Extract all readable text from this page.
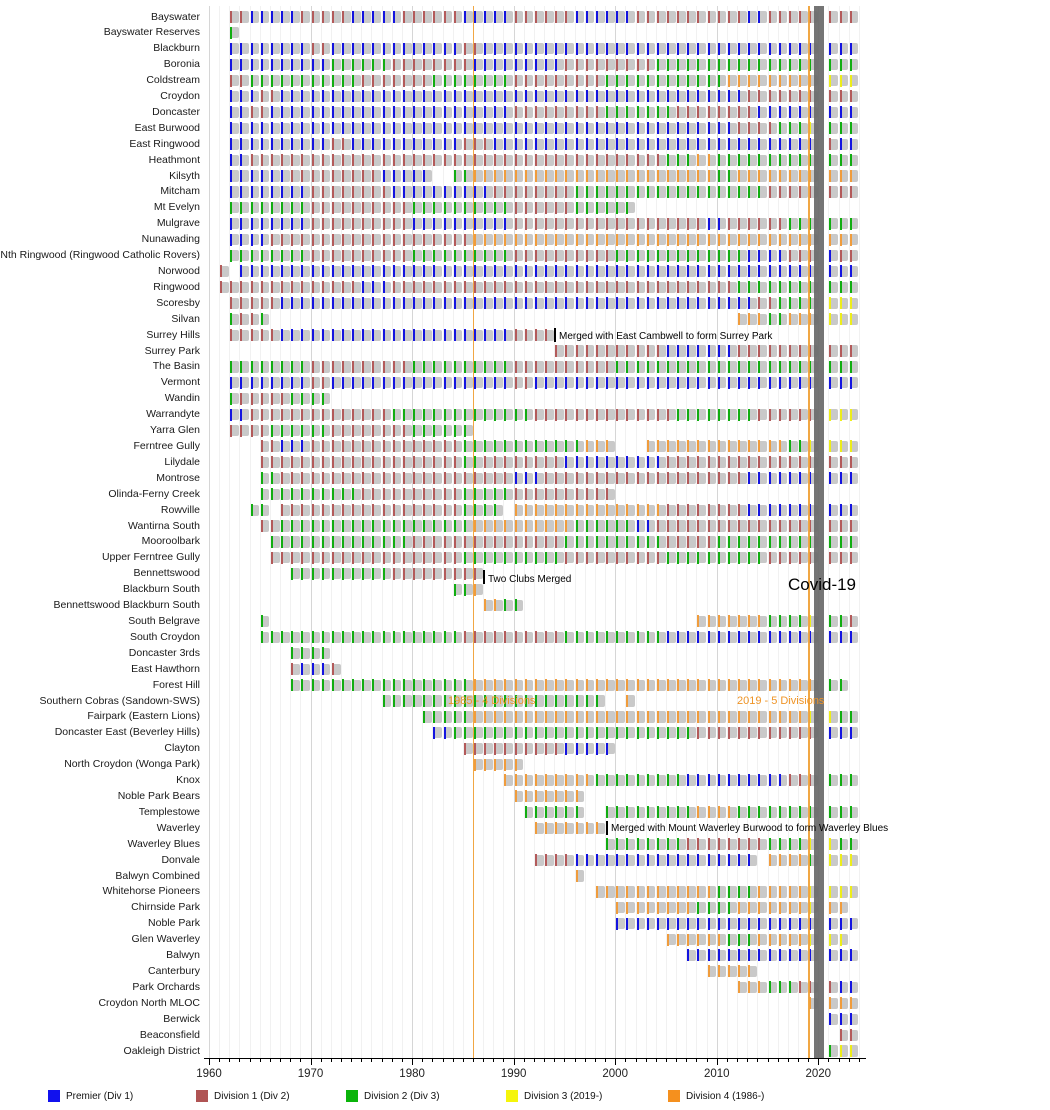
Bayswater
Bayswater Reserves
Blackburn
Boronia
Coldstream
Croydon
Doncaster
East Burwood
East Ringwood
Heathmont
Kilsyth
Mitcham
Mt Evelyn
Mulgrave
Nunawading
Nth Ringwood (Ringwood Catholic Rovers)
Norwood
Ringwood
Scoresby
Silvan
Surrey Hills
Surrey Park
The Basin
Vermont
Wandin
Warrandyte
Yarra Glen
Ferntree Gully
Lilydale
Montrose
Olinda-Ferny Creek
Rowville
Wantirna South
Mooroolbark
Upper Ferntree Gully
Bennettswood
Blackburn South
Bennettswood Blackburn South
South Belgrave
South Croydon
Doncaster 3rds
East Hawthorn
Forest Hill
Southern Cobras (Sandown-SWS)
Fairpark (Eastern Lions)
Doncaster East (Beverley Hills)
Clayton
North Croydon (Wonga Park)
Knox
Noble Park Bears
Templestowe
Waverley
Waverley Blues
Donvale
Balwyn Combined
Whitehorse Pioneers
Chirnside Park
Noble Park
Glen Waverley
Balwyn
Canterbury
Park Orchards
Croydon North MLOC
Berwick
Beaconsfield
Oakleigh District
Merged with East Cambwell to form Surrey Park
Two Clubs Merged
Merged with Mount Waverley Burwood to form Waverley Blues
1985 - 4 Divisions	2019 - 5 Divisions
Covid-19
1960	1970	1980	1990	2000	2010	2020
Premier (Div 1)	Division 1 (Div 2)	Division 2 (Div 3)	Division 3 (2019-)	Division 4 (1986-)
